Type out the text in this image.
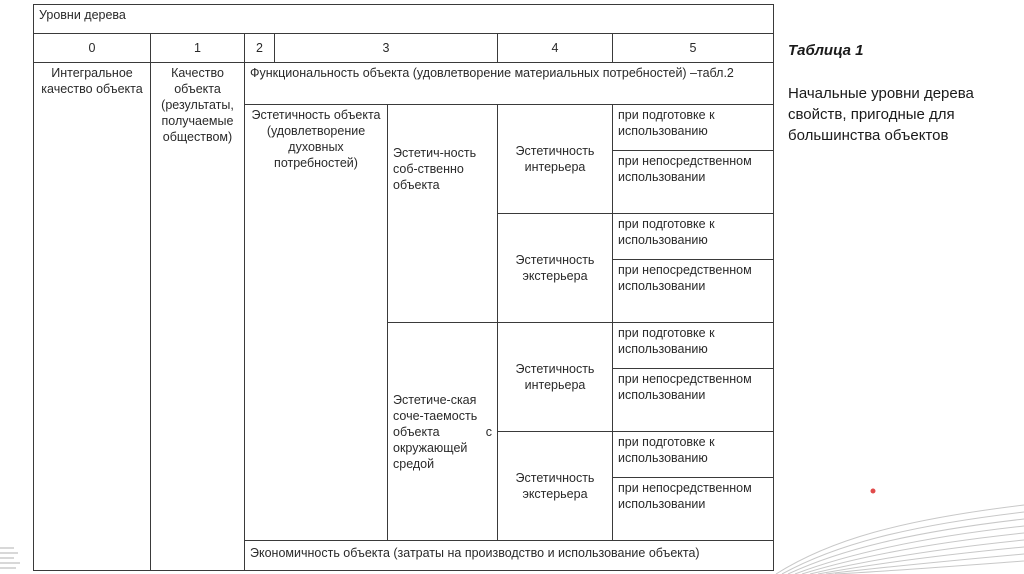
Уровни дерева						
0	1	2	3		4	5
Интегральное качество объекта	Качество объекта (результаты, получаемые обществом)	Функциональность объекта (удовлетворение материальных потребностей) –табл.2				
		Эстетичность объекта (удовлетворение духовных потребностей)		Эстетич-ность соб-ственно объекта	Эстетичность интерьера	при подготовке к использованию
						при непосредственном использовании
					Эстетичность экстерьера	при подготовке к использованию
						при непосредственном использовании
				Эстетиче-ская соче-таемость объекта с окружающей средой	Эстетичность интерьера	при подготовке к использованию
						при непосредственном использовании
					Эстетичность экстерьера	при подготовке к использованию
						при непосредственном использовании
		Экономичность объекта (затраты на производство и использование объекта)				
Таблица 1
Начальные уровни дерева свойств, пригодные для большинства объектов
